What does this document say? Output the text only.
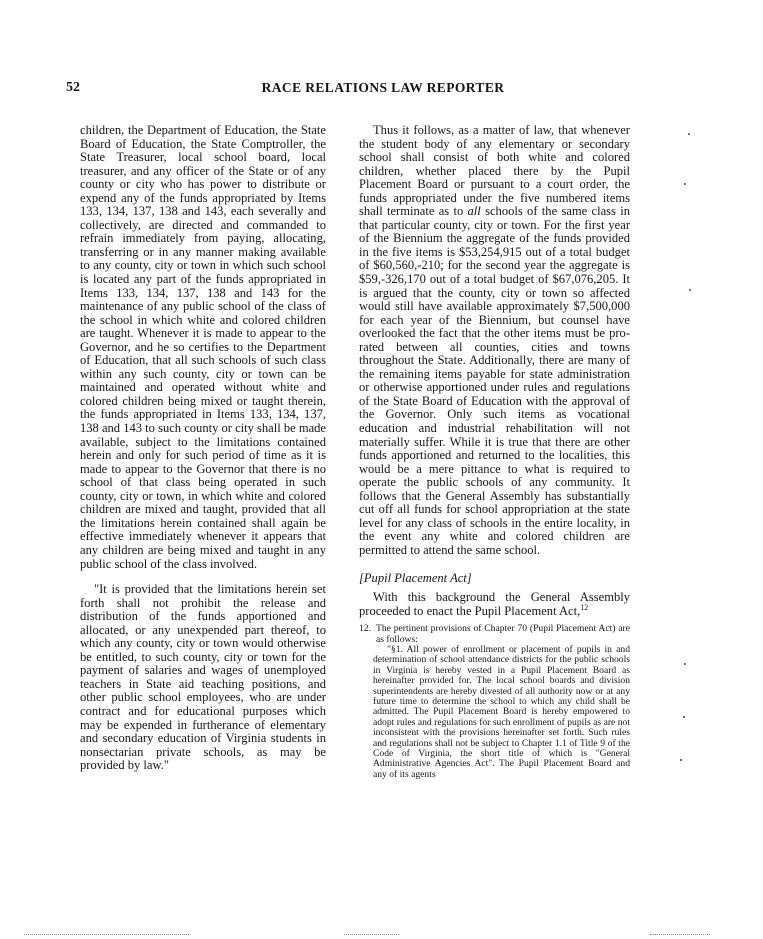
52	RACE RELATIONS LAW REPORTER

children, the Department of Education, the State Board of Education, the State Comptroller, the State Treasurer, local school board, local treasurer, and any officer of the State or of any county or city who has power to distribute or expend any of the funds appropriated by Items 133, 134, 137, 138 and 143, each severally and collectively, are directed and commanded to refrain immediately from paying, allocating, transferring or in any manner making available to any county, city or town in which such school is located any part of the funds appropriated in Items 133, 134, 137, 138 and 143 for the maintenance of any public school of the class of the school in which white and colored children are taught. Whenever it is made to appear to the Governor, and he so certifies to the Department of Education, that all such schools of such class within any such county, city or town can be maintained and operated without white and colored children being mixed or taught therein, the funds appropriated in Items 133, 134, 137, 138 and 143 to such county or city shall be made available, subject to the limitations contained herein and only for such period of time as it is made to appear to the Governor that there is no school of that class being operated in such county, city or town, in which white and colored children are mixed and taught, provided that all the limitations herein contained shall again be effective immediately whenever it appears that any children are being mixed and taught in any public school of the class involved.

"It is provided that the limitations herein set forth shall not prohibit the release and distribution of the funds apportioned and allocated, or any unexpended part thereof, to which any county, city or town would otherwise be entitled, to such county, city or town for the payment of salaries and wages of unemployed teachers in State aid teaching positions, and other public school employees, who are under contract and for educational purposes which may be expended in furtherance of elementary and secondary education of Virginia students in nonsectarian private schools, as may be provided by law."

Thus it follows, as a matter of law, that whenever the student body of any elementary or secondary school shall consist of both white and colored children, whether placed there by the Pupil Placement Board or pursuant to a court order, the funds appropriated under the five numbered items shall terminate as to all schools of the same class in that particular county, city or town. For the first year of the Biennium the aggregate of the funds provided in the five items is $53,254,915 out of a total budget of $60,560,-210; for the second year the aggregate is $59,-326,170 out of a total budget of $67,076,205. It is argued that the county, city or town so affected would still have available approximately $7,500,000 for each year of the Biennium, but counsel have overlooked the fact that the other items must be pro-rated between all counties, cities and towns throughout the State. Additionally, there are many of the remaining items payable for state administration or otherwise apportioned under rules and regulations of the State Board of Education with the approval of the Governor. Only such items as vocational education and industrial rehabilitation will not materially suffer. While it is true that there are other funds apportioned and returned to the localities, this would be a mere pittance to what is required to operate the public schools of any community. It follows that the General Assembly has substantially cut off all funds for school appropriation at the state level for any class of schools in the entire locality, in the event any white and colored children are permitted to attend the same school.

[Pupil Placement Act]

With this background the General Assembly proceeded to enact the Pupil Placement Act,$^{12}$

12. The pertinent provisions of Chapter 70 (Pupil Placement Act) are as follows:

"§1. All power of enrollment or placement of pupils in and determination of school attendance districts for the public schools in Virginia is hereby vested in a Pupil Placement Board as hereinafter provided for. The local school boards and division superintendents are hereby divested of all authority now or at any future time to determine the school to which any child shall be admitted. The Pupil Placement Board is hereby empowered to adopt rules and regulations for such enrollment of pupils as are not inconsistent with the provisions hereinafter set forth. Such rules and regulations shall not be subject to Chapter 1.1 of Title 9 of the Code of Virginia, the short title of which is "General Administrative Agencies Act". The Pupil Placement Board and any of its agents
